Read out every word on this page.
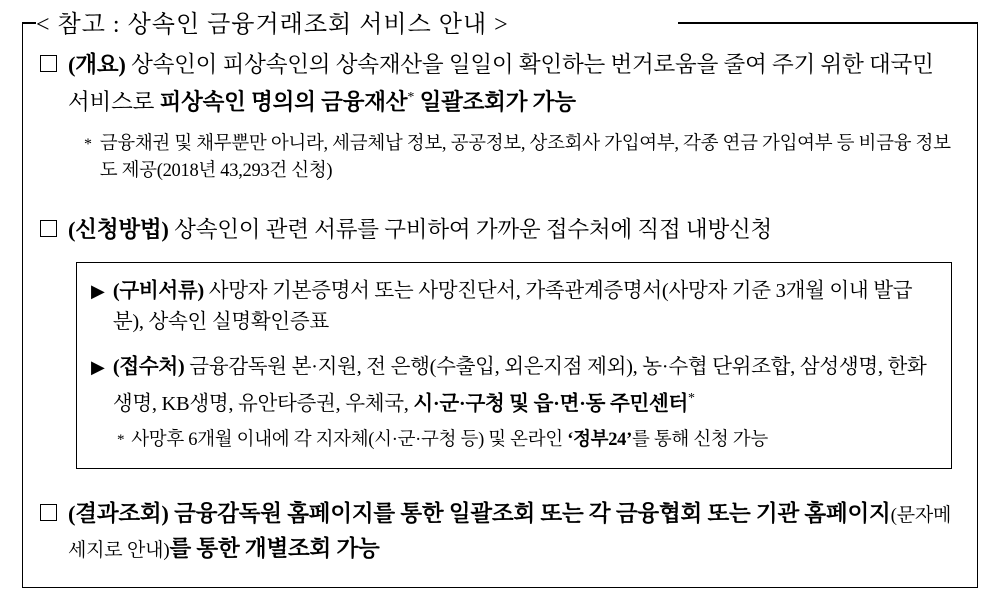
< 참고 : 상속인 금융거래조회 서비스 안내 >
(개요) 상속인이 피상속인의 상속재산을 일일이 확인하는 번거로움을 줄여 주기 위한 대국민 서비스로 피상속인 명의의 금융재산* 일괄조회가 가능
* 금융채권 및 채무뿐만 아니라, 세금체납 정보, 공공정보, 상조회사 가입여부, 각종 연금 가입여부 등 비금융 정보도 제공(2018년 43,293건 신청)
(신청방법) 상속인이 관련 서류를 구비하여 가까운 접수처에 직접 내방신청
▶ (구비서류) 사망자 기본증명서 또는 사망진단서, 가족관계증명서(사망자 기준 3개월 이내 발급분), 상속인 실명확인증표
▶ (접수처) 금융감독원 본·지원, 전 은행(수출입, 외은지점 제외), 농·수협 단위조합, 삼성생명, 한화생명, KB생명, 유안타증권, 우체국, 시·군·구청 및 읍·면·동 주민센터*
* 사망후 6개월 이내에 각 지자체(시·군·구청 등) 및 온라인 ‘정부24’를 통해 신청 가능
(결과조회) 금융감독원 홈페이지를 통한 일괄조회 또는 각 금융협회 또는 기관 홈페이지(문자메세지로 안내)를 통한 개별조회 가능
